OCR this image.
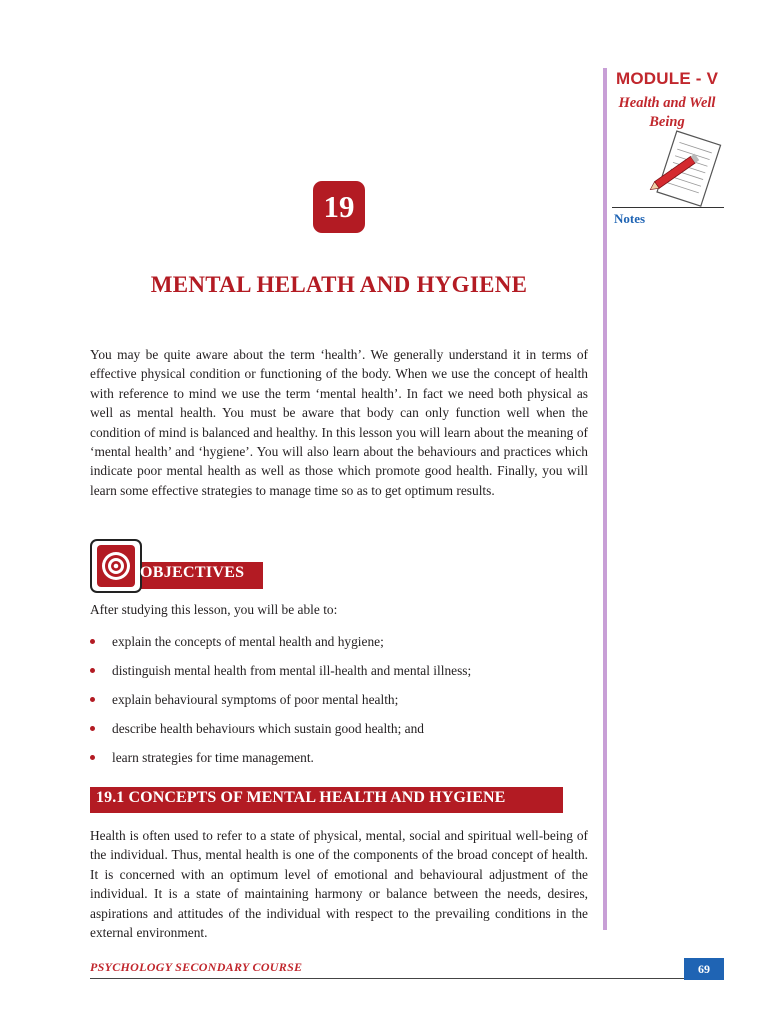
MODULE - V
Health and Well
Being
Notes
19
MENTAL HELATH AND HYGIENE
You may be quite aware about the term ‘health’. We generally understand it in terms of effective physical condition or functioning of the body. When we use the concept of health with reference to mind we use the term ‘mental health’. In fact we need both physical as well as mental health. You must be aware that body can only function well when the condition of mind is balanced and healthy. In this lesson you will learn about the meaning of ‘mental health’ and ‘hygiene’. You will also learn about the behaviours and practices which indicate poor mental health as well as those which promote good health. Finally, you will learn some effective strategies to manage time so as to get optimum results.
OBJECTIVES
After studying this lesson, you will be able to:
explain the concepts of mental health and hygiene;
distinguish mental health from mental ill-health and mental illness;
explain behavioural symptoms of poor mental health;
describe health behaviours which sustain good health; and
learn strategies for time management.
19.1 CONCEPTS OF MENTAL HEALTH AND HYGIENE
Health is often used to refer to a state of physical, mental, social and spiritual well-being of the individual. Thus, mental health is one of the components of the broad concept of health. It is concerned with an optimum level of emotional and behavioural adjustment of the individual. It is a state of maintaining harmony or balance between the needs, desires, aspirations and attitudes of the individual with respect to the prevailing conditions in the external environment.
PSYCHOLOGY SECONDARY COURSE	69
